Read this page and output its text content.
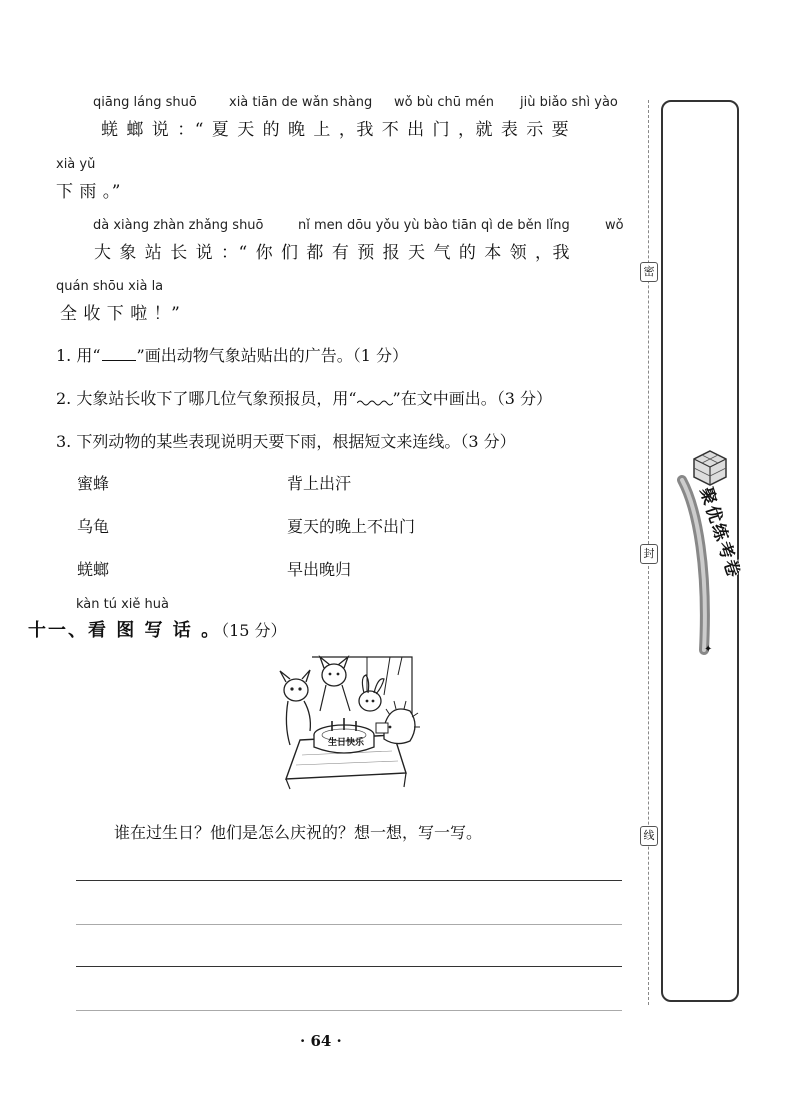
密
封
线
聚优练考卷
✦
qiāng láng shuō xià tiān de wǎn shàng wǒ bù chū mén jiù biǎo shì yào
蜣 螂 说 ：“ 夏 天 的 晚 上 ，我 不 出 门 ，就 表 示 要
xià yǔ
下 雨 。”
dà xiàng zhàn zhǎng shuō	nǐ men dōu yǒu yù bào tiān qì de běn lǐng	wǒ
大 象 站 长 说 ：“ 你 们 都 有 预 报 天 气 的 本 领 ，我
quán shōu xià la
全 收 下 啦 ！”
1. 用“ ”画出动物气象站贴出的广告。（1 分）
2. 大象站长收下了哪几位气象预报员，用“ ”在文中画出。（3 分）
3. 下列动物的某些表现说明天要下雨，根据短文来连线。（3 分）
蜜蜂
乌龟
蜣螂
背上出汗
夏天的晚上不出门
早出晚归
kàn tú xiě huà
十一、看 图 写 话 。（15 分）
生日快乐
谁在过生日？他们是怎么庆祝的？想一想，写一写。
· 64 ·
